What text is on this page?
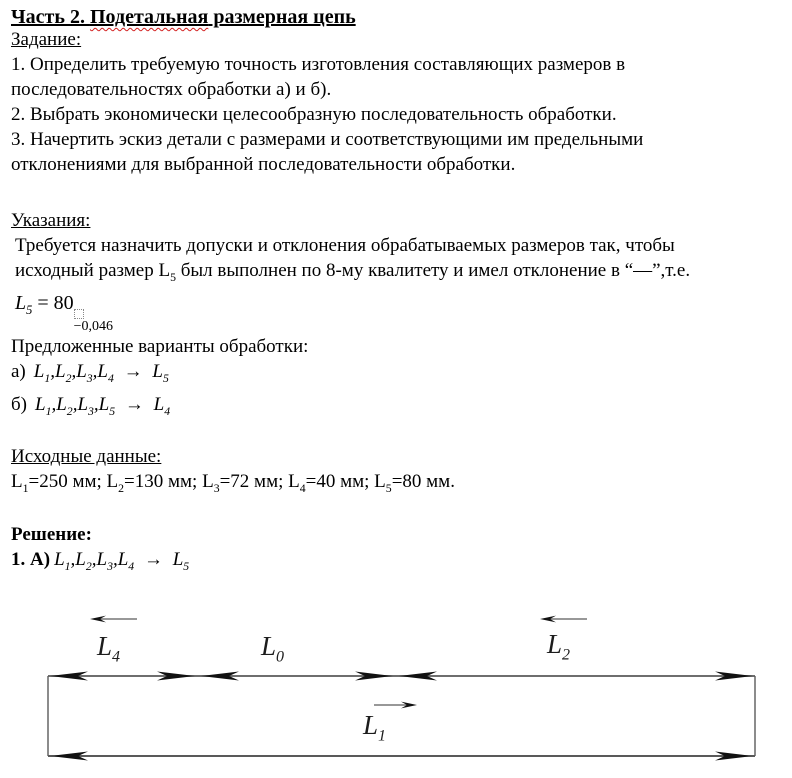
Часть 2. Подетальная размерная цепь
Задание:
1. Определить требуемую точность изготовления составляющих размеров в
последовательностях обработки а) и б).
2. Выбрать экономически целесообразную последовательность обработки.
3. Начертить эскиз детали с размерами и соответствующими им предельными
отклонениями для выбранной последовательности обработки.
Указания:
Требуется назначить допуски и отклонения обрабатываемых размеров так, чтобы
исходный размер $L_5$ был выполнен по 8-му квалитету и имел отклонение в “—”,т.е.
$L_5 = 80$
−0,046
Предложенные варианты обработки:
а) $L_1,L_2,L_3,L_4 \to L_5$
б) $L_1,L_2,L_3,L_5 \to L_4$
Исходные данные:
$L_1=250$ мм; $L_2=130$ мм; $L_3=72$ мм; $L_4=40$ мм; $L_5=80$ мм.
Решение:
1. А) $L_1,L_2,L_3,L_4 \to L_5$
$L_4$	$L_0$	$L_2$
$L_1$
